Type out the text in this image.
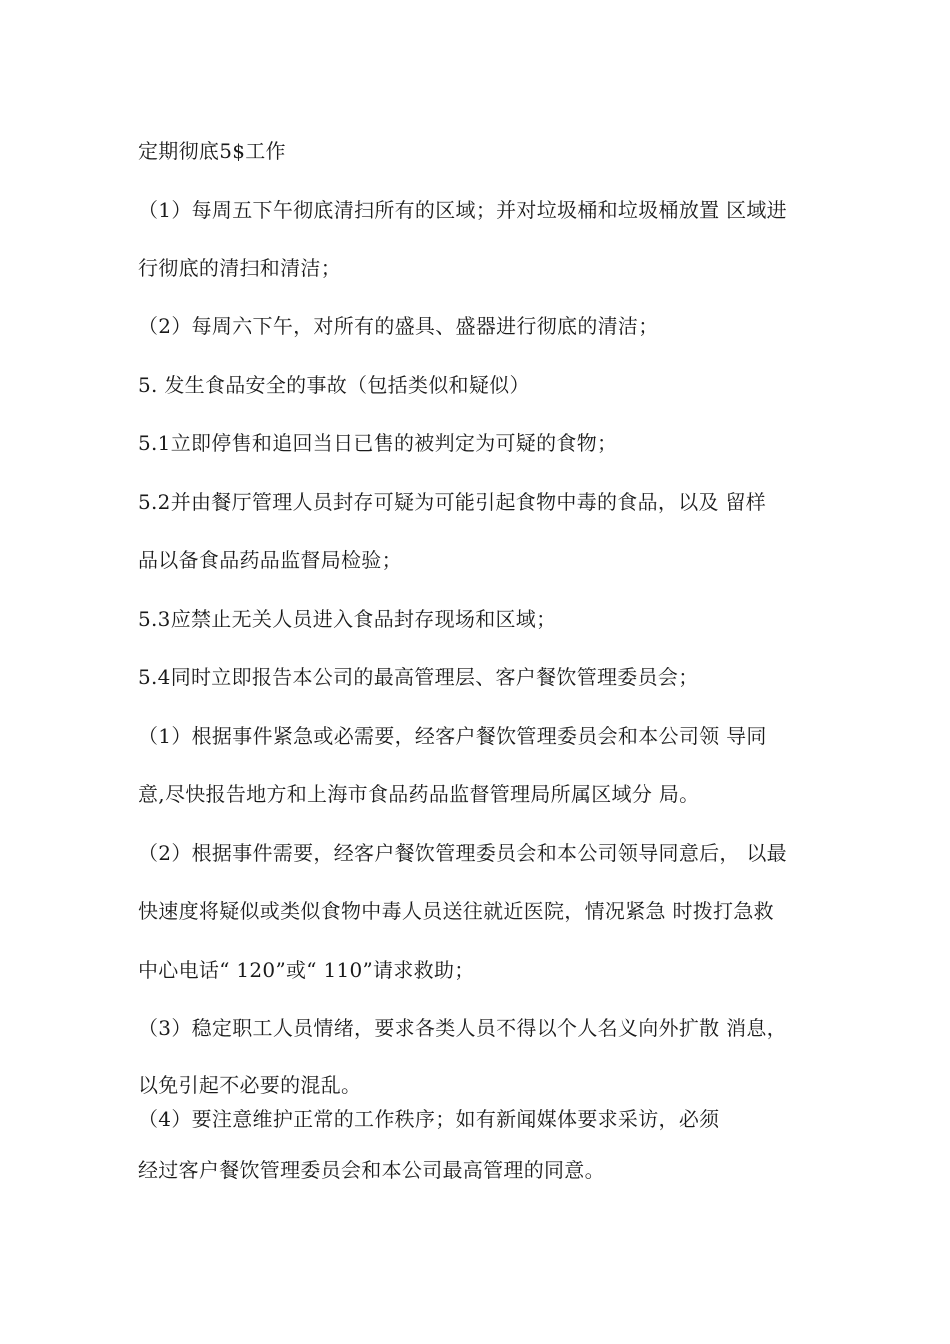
定期彻底5$工作
（1）每周五下午彻底清扫所有的区域；并对垃圾桶和垃圾桶放置 区域进
行彻底的清扫和清洁；
（2）每周六下午，对所有的盛具、盛器进行彻底的清洁；
5. 发生食品安全的事故（包括类似和疑似）
5.1立即停售和追回当日已售的被判定为可疑的食物；
5.2并由餐厅管理人员封存可疑为可能引起食物中毒的食品，以及 留样
品以备食品药品监督局检验；
5.3应禁止无关人员进入食品封存现场和区域；
5.4同时立即报告本公司的最高管理层、客户餐饮管理委员会；
（1）根据事件紧急或必需要，经客户餐饮管理委员会和本公司领 导同
意,尽快报告地方和上海市食品药品监督管理局所属区域分 局。
（2）根据事件需要，经客户餐饮管理委员会和本公司领导同意后， 以最
快速度将疑似或类似食物中毒人员送往就近医院，情况紧急 时拨打急救
中心电话“ 120”或“ 110”请求救助；
（3）稳定职工人员情绪，要求各类人员不得以个人名义向外扩散 消息，
以免引起不必要的混乱。
（4）要注意维护正常的工作秩序；如有新闻媒体要求采访，必须
经过客户餐饮管理委员会和本公司最高管理的同意。
